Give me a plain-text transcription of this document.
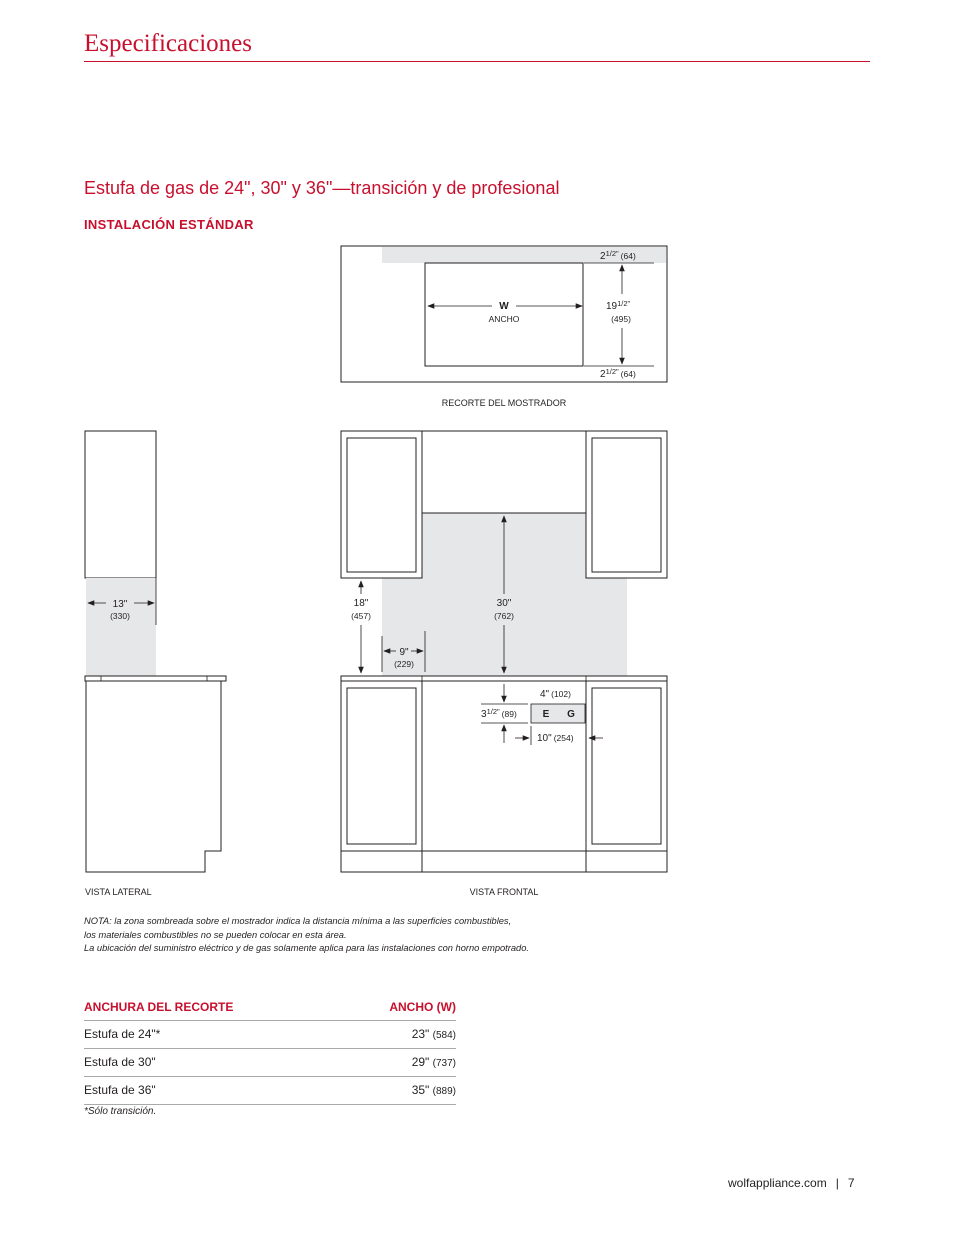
Especificaciones
Estufa de gas de 24", 30" y 36"—transición y de profesional
INSTALACIÓN ESTÁNDAR
W
ANCHO
$19^{1/2"}$
(495)
$2^{1/2"}$ $_{(64)}$
$2^{1/2"}$ $_{(64)}$
RECORTE DEL MOSTRADOR
13"
(330)
VISTA LATERAL
18"
(457)
30"
(762)
9"
(229)
E G
4" (102)
$3^{1/2"}$ $_{(89)}$
10" (254)
VISTA FRONTAL
NOTA: la zona sombreada sobre el mostrador indica la distancia mínima a las superficies combustibles,
los materiales combustibles no se pueden colocar en esta área.
La ubicación del suministro eléctrico y de gas solamente aplica para las instalaciones con horno empotrado.
ANCHURA DEL RECORTE	ANCHO (W)
Estufa de 24"*	23" (584)
Estufa de 30"	29" (737)
Estufa de 36"	35" (889)
*Sólo transición.
wolfappliance.com | 7
